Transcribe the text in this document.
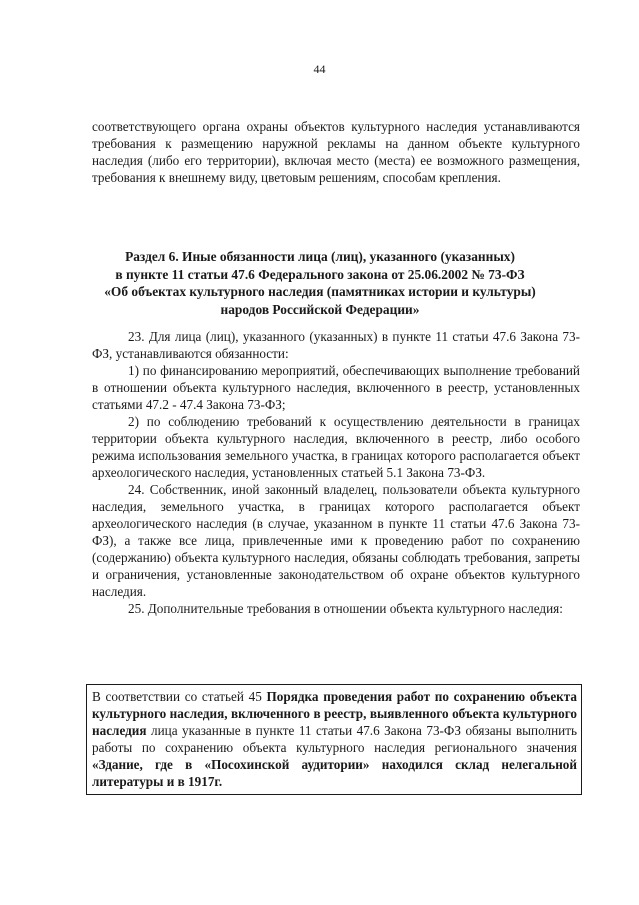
44

соответствующего органа охраны объектов культурного наследия устанавливаются требования к размещению наружной рекламы на данном объекте культурного наследия (либо его территории), включая место (места) ее возможного размещения, требования к внешнему виду, цветовым решениям, способам крепления.

Раздел 6. Иные обязанности лица (лиц), указанного (указанных)
в пункте 11 статьи 47.6 Федерального закона от 25.06.2002 № 73-ФЗ
«Об объектах культурного наследия (памятниках истории и культуры)
народов Российской Федерации»

23. Для лица (лиц), указанного (указанных) в пункте 11 статьи 47.6 Закона 73-ФЗ, устанавливаются обязанности:

1) по финансированию мероприятий, обеспечивающих выполнение требований в отношении объекта культурного наследия, включенного в реестр, установленных статьями 47.2 - 47.4 Закона 73-ФЗ;

2) по соблюдению требований к осуществлению деятельности в границах территории объекта культурного наследия, включенного в реестр, либо особого режима использования земельного участка, в границах которого располагается объект археологического наследия, установленных статьей 5.1 Закона 73-ФЗ.

24. Собственник, иной законный владелец, пользователи объекта культурного наследия, земельного участка, в границах которого располагается объект археологического наследия (в случае, указанном в пункте 11 статьи 47.6 Закона 73-ФЗ), а также все лица, привлеченные ими к проведению работ по сохранению (содержанию) объекта культурного наследия, обязаны соблюдать требования, запреты и ограничения, установленные законодательством об охране объектов культурного наследия.

25. Дополнительные требования в отношении объекта культурного наследия:

В соответствии со статьей 45 Порядка проведения работ по сохранению объекта культурного наследия, включенного в реестр, выявленного объекта культурного наследия лица указанные в пункте 11 статьи 47.6 Закона 73-ФЗ обязаны выполнить работы по сохранению объекта культурного наследия регионального значения «Здание, где в «Посохинской аудитории» находился склад нелегальной литературы и в 1917г.
